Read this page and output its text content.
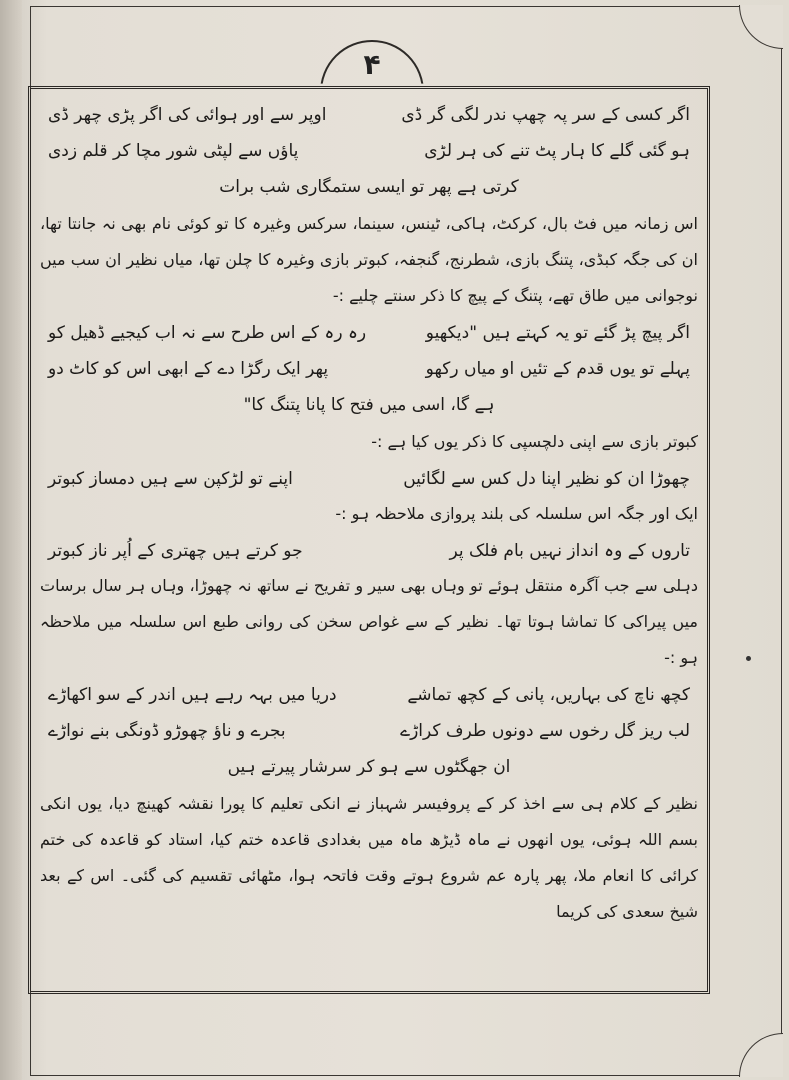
۴
اگر کسی کے سر پہ چھپ ندر لگی گر ڈی
اوپر سے اور ہوائی کی اگر پڑی چھر ڈی
ہو گئی گلے کا ہار پٹ تنے کی ہر لڑی
پاؤں سے لپٹی شور مچا کر قلم زدی
کرتی ہے پھر تو ایسی ستمگاری شب برات

اس زمانہ میں فٹ بال، کرکٹ، ہاکی، ٹینس، سینما، سرکس وغیرہ کا تو کوئی نام بھی نہ جانتا تھا، ان کی جگہ کبڈی، پتنگ بازی، شطرنج، گنجفہ، کبوتر بازی وغیرہ کا چلن تھا، میاں نظیر ان سب میں نوجوانی میں طاق تھے، پتنگ کے پیچ کا ذکر سنتے چلیے :-

اگر پیچ پڑ گئے تو یہ کہتے ہیں "دیکھیو
رہ رہ کے اس طرح سے نہ اب کیجیے ڈھیل کو
پہلے تو یوں قدم کے تئیں او میاں رکھو
پھر ایک رگڑا دے کے ابھی اس کو کاٹ دو
ہے گا، اسی میں فتح کا پانا پتنگ کا"

کبوتر بازی سے اپنی دلچسپی کا ذکر یوں کیا ہے :-

چھوڑا ان کو نظیر اپنا دل کس سے لگائیں
اپنے تو لڑکپن سے ہیں دمساز کبوتر

ایک اور جگہ اس سلسلہ کی بلند پروازی ملاحظہ ہو :-

تاروں کے وہ انداز نہیں بام فلک پر
جو کرتے ہیں چھتری کے اُپر ناز کبوتر

دہلی سے جب آگرہ منتقل ہوئے تو وہاں بھی سیر و تفریح نے ساتھ نہ چھوڑا، وہاں ہر سال برسات میں پیراکی کا تماشا ہوتا تھا۔ نظیر کے سے غواص سخن کی روانی طبع اس سلسلہ میں ملاحظہ ہو :-

کچھ ناچ کی بہاریں، پانی کے کچھ تماشے
دریا میں بہہ رہے ہیں اندر کے سو اکھاڑے
لب ریز گل رخوں سے دونوں طرف کراڑے
بجرے و ناؤ چھوڑو ڈونگی بنے نواڑے
ان جھگٹوں سے ہو کر سرشار پیرتے ہیں

نظیر کے کلام ہی سے اخذ کر کے پروفیسر شہباز نے انکی تعلیم کا پورا نقشہ کھینچ دیا، یوں انکی بسم اللہ ہوئی، یوں انھوں نے ماہ ڈیڑھ ماہ میں بغدادی قاعدہ ختم کیا، استاد کو قاعدہ کی ختم کرائی کا انعام ملا، پھر پارہ عم شروع ہوتے وقت فاتحہ ہوا، مٹھائی تقسیم کی گئی۔ اس کے بعد شیخ سعدی کی کریما
